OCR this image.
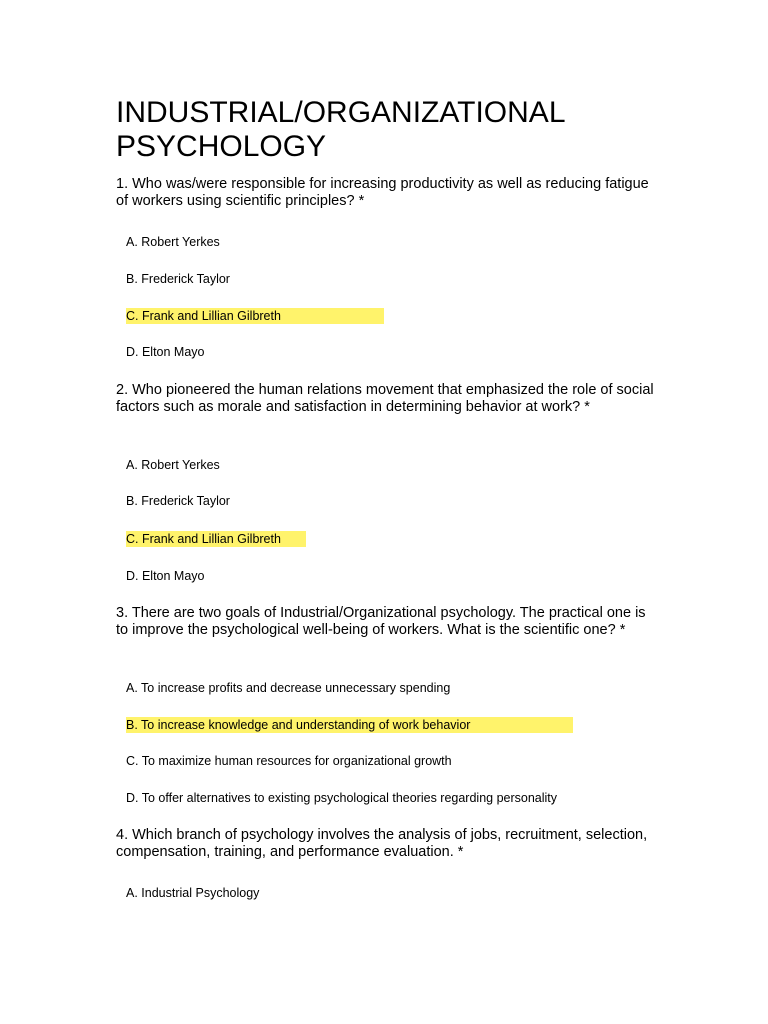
INDUSTRIAL/ORGANIZATIONAL PSYCHOLOGY

1. Who was/were responsible for increasing productivity as well as reducing fatigue of workers using scientific principles? *

A. Robert Yerkes

B. Frederick Taylor

C. Frank and Lillian Gilbreth

D. Elton Mayo

2. Who pioneered the human relations movement that emphasized the role of social factors such as morale and satisfaction in determining behavior at work? *

A. Robert Yerkes

B. Frederick Taylor

C. Frank and Lillian Gilbreth

D. Elton Mayo

3. There are two goals of Industrial/Organizational psychology. The practical one is to improve the psychological well-being of workers. What is the scientific one? *

A. To increase profits and decrease unnecessary spending

B. To increase knowledge and understanding of work behavior

C. To maximize human resources for organizational growth

D. To offer alternatives to existing psychological theories regarding personality

4. Which branch of psychology involves the analysis of jobs, recruitment, selection, compensation, training, and performance evaluation. *

A. Industrial Psychology
